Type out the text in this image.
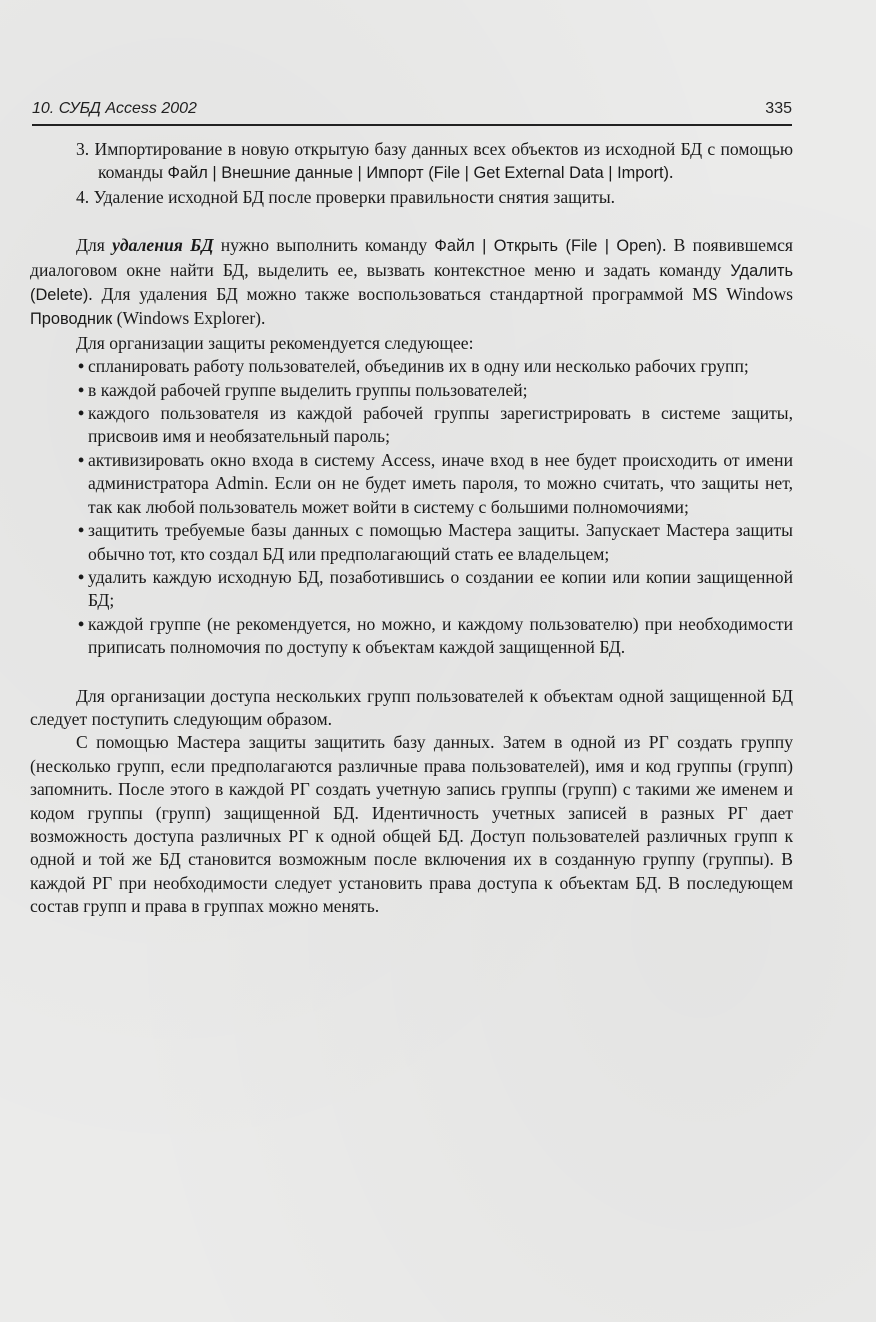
10. СУБД Access 2002	335

3. Импортирование в новую открытую базу данных всех объектов из исходной БД с помощью команды Файл | Внешние данные | Импорт (File | Get External Data | Import).

4. Удаление исходной БД после проверки правильности снятия защиты.

Для удаления БД нужно выполнить команду Файл | Открыть (File | Open). В появившемся диалоговом окне найти БД, выделить ее, вызвать контекстное меню и задать команду Удалить (Delete). Для удаления БД можно также воспользоваться стандартной программой MS Windows Проводник (Windows Explorer).

Для организации защиты рекомендуется следующее:

• спланировать работу пользователей, объединив их в одну или несколько рабочих групп;
• в каждой рабочей группе выделить группы пользователей;
• каждого пользователя из каждой рабочей группы зарегистрировать в системе защиты, присвоив имя и необязательный пароль;
• активизировать окно входа в систему Access, иначе вход в нее будет происходить от имени администратора Admin. Если он не будет иметь пароля, то можно считать, что защиты нет, так как любой пользователь может войти в систему с большими полномочиями;
• защитить требуемые базы данных с помощью Мастера защиты. Запускает Мастера защиты обычно тот, кто создал БД или предполагающий стать ее владельцем;
• удалить каждую исходную БД, позаботившись о создании ее копии или копии защищенной БД;
• каждой группе (не рекомендуется, но можно, и каждому пользователю) при необходимости приписать полномочия по доступу к объектам каждой защищенной БД.

Для организации доступа нескольких групп пользователей к объектам одной защищенной БД следует поступить следующим образом.

С помощью Мастера защиты защитить базу данных. Затем в одной из РГ создать группу (несколько групп, если предполагаются различные права пользователей), имя и код группы (групп) запомнить. После этого в каждой РГ создать учетную запись группы (групп) с такими же именем и кодом группы (групп) защищенной БД. Идентичность учетных записей в разных РГ дает возможность доступа различных РГ к одной общей БД. Доступ пользователей различных групп к одной и той же БД становится возможным после включения их в созданную группу (группы). В каждой РГ при необходимости следует установить права доступа к объектам БД. В последующем состав групп и права в группах можно менять.
